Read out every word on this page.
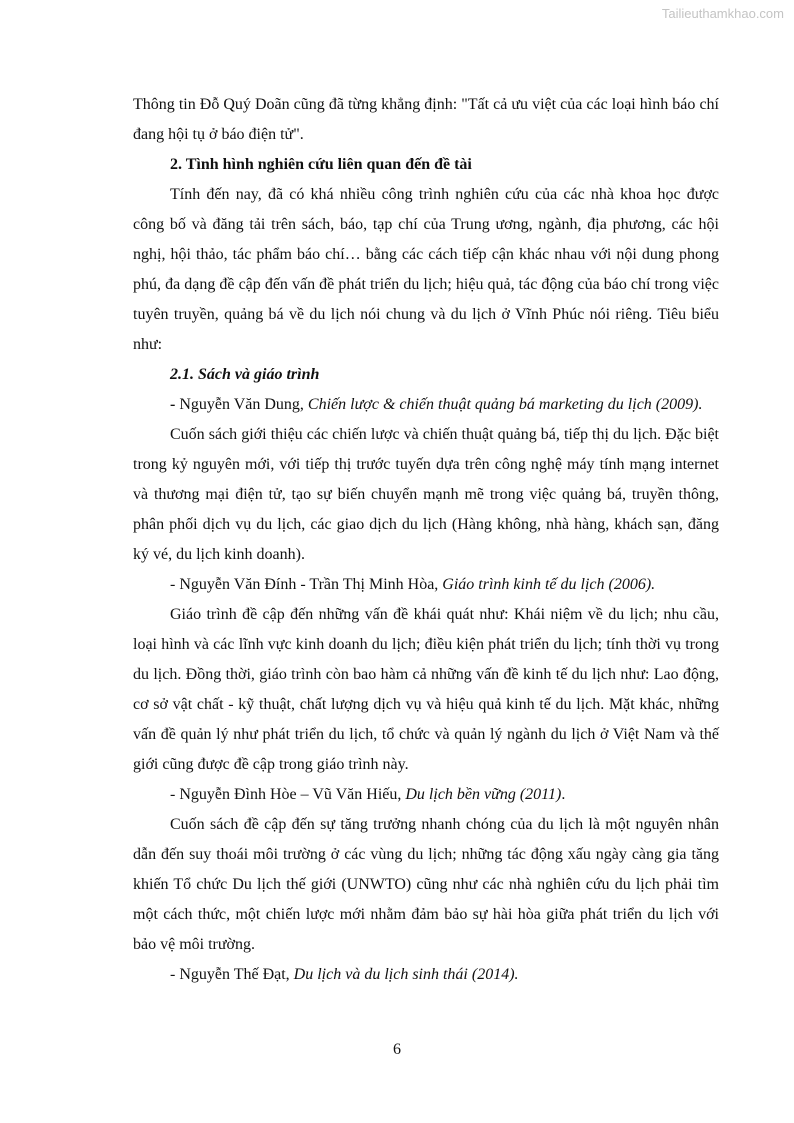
Tailieuthamkhao.com

Thông tin Đỗ Quý Doãn cũng đã từng khẳng định: "Tất cả ưu việt của các loại hình báo chí đang hội tụ ở báo điện tử".

2. Tình hình nghiên cứu liên quan đến đề tài

Tính đến nay, đã có khá nhiều công trình nghiên cứu của các nhà khoa học được công bố và đăng tải trên sách, báo, tạp chí của Trung ương, ngành, địa phương, các hội nghị, hội thảo, tác phẩm báo chí… bằng các cách tiếp cận khác nhau với nội dung phong phú, đa dạng đề cập đến vấn đề phát triển du lịch; hiệu quả, tác động của báo chí trong việc tuyên truyền, quảng bá về du lịch nói chung và du lịch ở Vĩnh Phúc nói riêng. Tiêu biểu như:

2.1. Sách và giáo trình

- Nguyễn Văn Dung, Chiến lược & chiến thuật quảng bá marketing du lịch (2009).

Cuốn sách giới thiệu các chiến lược và chiến thuật quảng bá, tiếp thị du lịch. Đặc biệt trong kỷ nguyên mới, với tiếp thị trước tuyến dựa trên công nghệ máy tính mạng internet và thương mại điện tử, tạo sự biến chuyển mạnh mẽ trong việc quảng bá, truyền thông, phân phối dịch vụ du lịch, các giao dịch du lịch (Hàng không, nhà hàng, khách sạn, đăng ký vé, du lịch kinh doanh).

- Nguyễn Văn Đính - Trần Thị Minh Hòa, Giáo trình kinh tế du lịch (2006).

Giáo trình đề cập đến những vấn đề khái quát như: Khái niệm về du lịch; nhu cầu, loại hình và các lĩnh vực kinh doanh du lịch; điều kiện phát triển du lịch; tính thời vụ trong du lịch. Đồng thời, giáo trình còn bao hàm cả những vấn đề kinh tế du lịch như: Lao động, cơ sở vật chất - kỹ thuật, chất lượng dịch vụ và hiệu quả kinh tế du lịch. Mặt khác, những vấn đề quản lý như phát triển du lịch, tổ chức và quản lý ngành du lịch ở Việt Nam và thế giới cũng được đề cập trong giáo trình này.

- Nguyễn Đình Hòe – Vũ Văn Hiếu, Du lịch bền vững (2011).

Cuốn sách đề cập đến sự tăng trưởng nhanh chóng của du lịch là một nguyên nhân dẫn đến suy thoái môi trường ở các vùng du lịch; những tác động xấu ngày càng gia tăng khiến Tổ chức Du lịch thế giới (UNWTO) cũng như các nhà nghiên cứu du lịch phải tìm một cách thức, một chiến lược mới nhằm đảm bảo sự hài hòa giữa phát triển du lịch với bảo vệ môi trường.

- Nguyễn Thế Đạt, Du lịch và du lịch sinh thái (2014).

6
